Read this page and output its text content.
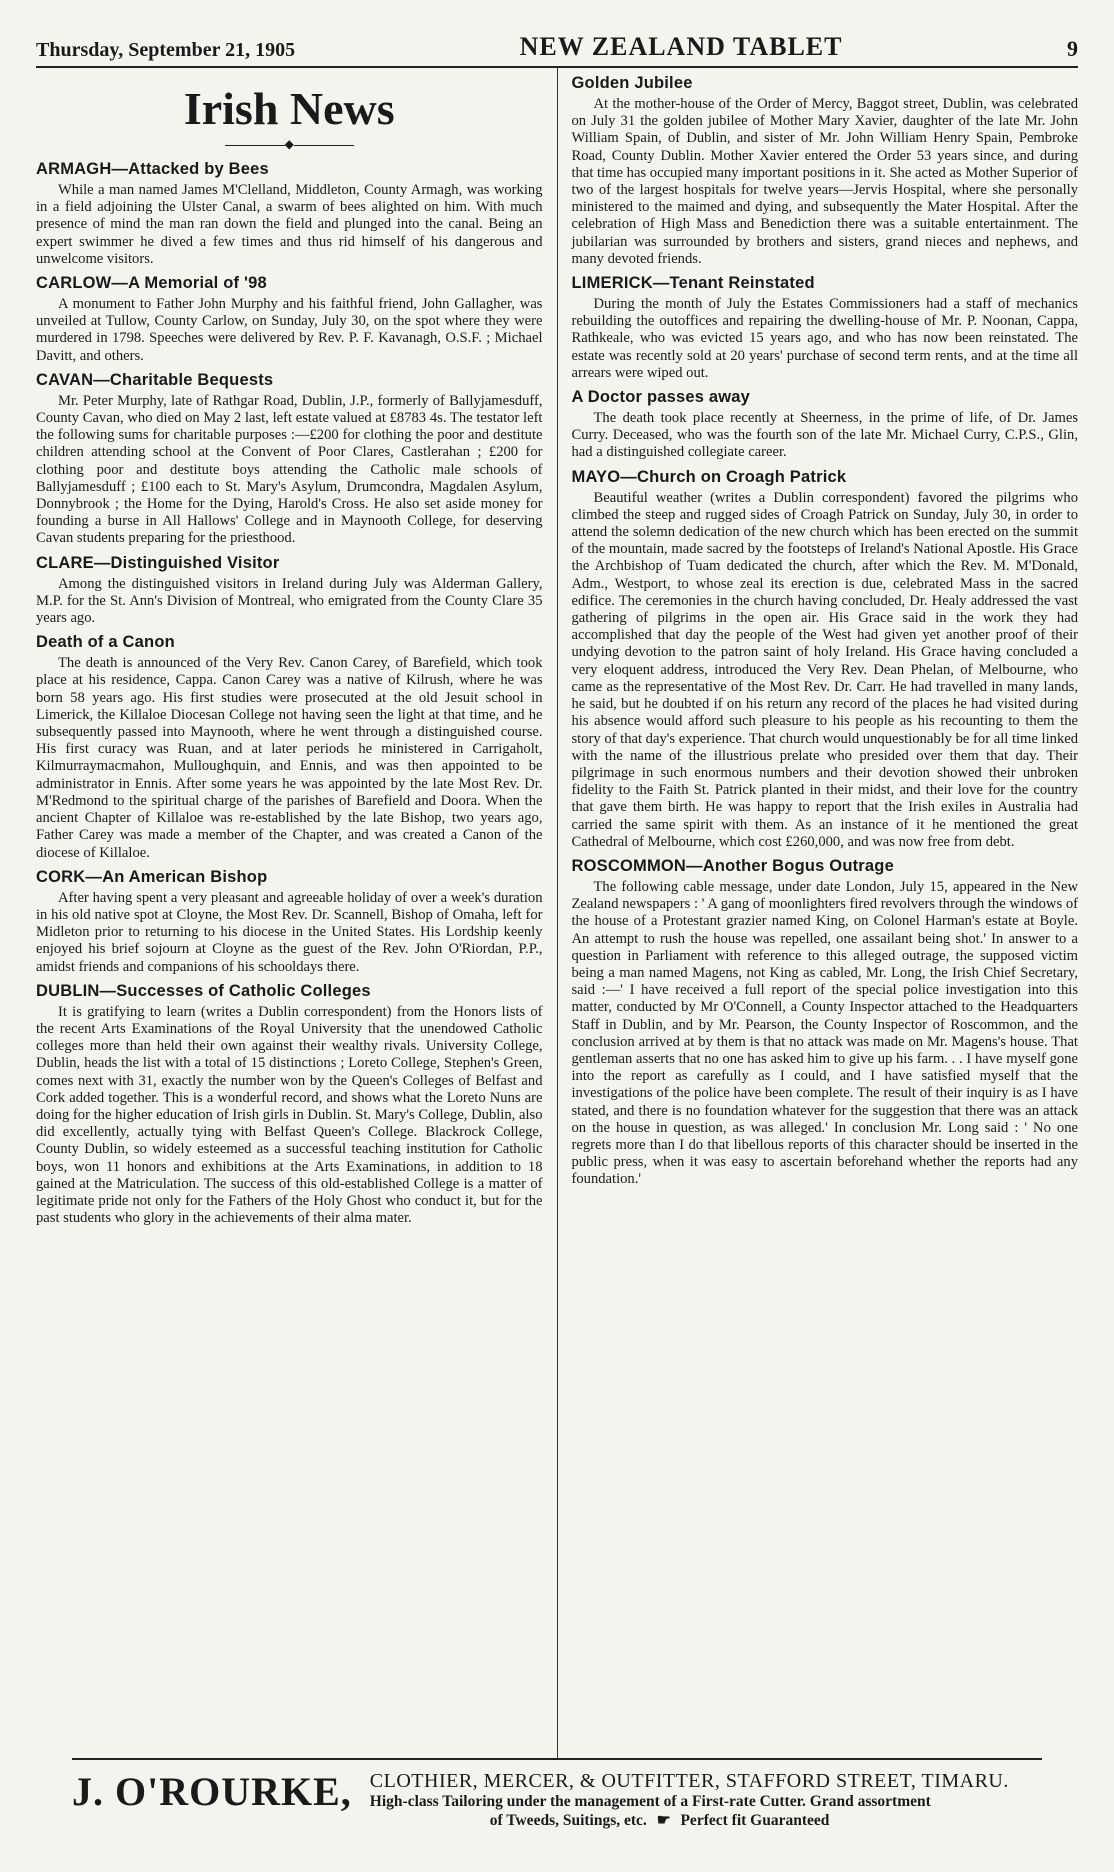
Thursday, September 21, 1905	NEW ZEALAND TABLET	9
Irish News
◆
ARMAGH—Attacked by Bees

While a man named James M'Clelland, Middleton, County Armagh, was working in a field adjoining the Ulster Canal, a swarm of bees alighted on him. With much presence of mind the man ran down the field and plunged into the canal. Being an expert swimmer he dived a few times and thus rid himself of his dangerous and unwelcome visitors.

CARLOW—A Memorial of '98

A monument to Father John Murphy and his faithful friend, John Gallagher, was unveiled at Tullow, County Carlow, on Sunday, July 30, on the spot where they were murdered in 1798. Speeches were delivered by Rev. P. F. Kavanagh, O.S.F. ; Michael Davitt, and others.

CAVAN—Charitable Bequests

Mr. Peter Murphy, late of Rathgar Road, Dublin, J.P., formerly of Ballyjamesduff, County Cavan, who died on May 2 last, left estate valued at £8783 4s. The testator left the following sums for charitable purposes :—£200 for clothing the poor and destitute children attending school at the Convent of Poor Clares, Castlerahan ; £200 for clothing poor and destitute boys attending the Catholic male schools of Ballyjamesduff ; £100 each to St. Mary's Asylum, Drumcondra, Magdalen Asylum, Donnybrook ; the Home for the Dying, Harold's Cross. He also set aside money for founding a burse in All Hallows' College and in Maynooth College, for deserving Cavan students preparing for the priesthood.

CLARE—Distinguished Visitor

Among the distinguished visitors in Ireland during July was Alderman Gallery, M.P. for the St. Ann's Division of Montreal, who emigrated from the County Clare 35 years ago.

Death of a Canon

The death is announced of the Very Rev. Canon Carey, of Barefield, which took place at his residence, Cappa. Canon Carey was a native of Kilrush, where he was born 58 years ago. His first studies were prosecuted at the old Jesuit school in Limerick, the Killaloe Diocesan College not having seen the light at that time, and he subsequently passed into Maynooth, where he went through a distinguished course. His first curacy was Ruan, and at later periods he ministered in Carrigaholt, Kilmurraymacmahon, Mulloughquin, and Ennis, and was then appointed to be administrator in Ennis. After some years he was appointed by the late Most Rev. Dr. M'Redmond to the spiritual charge of the parishes of Barefield and Doora. When the ancient Chapter of Killaloe was re-established by the late Bishop, two years ago, Father Carey was made a member of the Chapter, and was created a Canon of the diocese of Killaloe.

CORK—An American Bishop

After having spent a very pleasant and agreeable holiday of over a week's duration in his old native spot at Cloyne, the Most Rev. Dr. Scannell, Bishop of Omaha, left for Midleton prior to returning to his diocese in the United States. His Lordship keenly enjoyed his brief sojourn at Cloyne as the guest of the Rev. John O'Riordan, P.P., amidst friends and companions of his schooldays there.

DUBLIN—Successes of Catholic Colleges

It is gratifying to learn (writes a Dublin correspondent) from the Honors lists of the recent Arts Examinations of the Royal University that the unendowed Catholic colleges more than held their own against their wealthy rivals. University College, Dublin, heads the list with a total of 15 distinctions ; Loreto College, Stephen's Green, comes next with 31, exactly the number won by the Queen's Colleges of Belfast and Cork added together. This is a wonderful record, and shows what the Loreto Nuns are doing for the higher education of Irish girls in Dublin. St. Mary's College, Dublin, also did excellently, actually tying with Belfast Queen's College. Blackrock College, County Dublin, so widely esteemed as a successful teaching institution for Catholic boys, won 11 honors and exhibitions at the Arts Examinations, in addition to 18 gained at the Matriculation. The success of this old-established College is a matter of legitimate pride not only for the Fathers of the Holy Ghost who conduct it, but for the past students who glory in the achievements of their alma mater.

Golden Jubilee

At the mother-house of the Order of Mercy, Baggot street, Dublin, was celebrated on July 31 the golden jubilee of Mother Mary Xavier, daughter of the late Mr. John William Spain, of Dublin, and sister of Mr. John William Henry Spain, Pembroke Road, County Dublin. Mother Xavier entered the Order 53 years since, and during that time has occupied many important positions in it. She acted as Mother Superior of two of the largest hospitals for twelve years—Jervis Hospital, where she personally ministered to the maimed and dying, and subsequently the Mater Hospital. After the celebration of High Mass and Benediction there was a suitable entertainment. The jubilarian was surrounded by brothers and sisters, grand nieces and nephews, and many devoted friends.

LIMERICK—Tenant Reinstated

During the month of July the Estates Commissioners had a staff of mechanics rebuilding the outoffices and repairing the dwelling-house of Mr. P. Noonan, Cappa, Rathkeale, who was evicted 15 years ago, and who has now been reinstated. The estate was recently sold at 20 years' purchase of second term rents, and at the time all arrears were wiped out.

A Doctor passes away

The death took place recently at Sheerness, in the prime of life, of Dr. James Curry. Deceased, who was the fourth son of the late Mr. Michael Curry, C.P.S., Glin, had a distinguished collegiate career.

MAYO—Church on Croagh Patrick

Beautiful weather (writes a Dublin correspondent) favored the pilgrims who climbed the steep and rugged sides of Croagh Patrick on Sunday, July 30, in order to attend the solemn dedication of the new church which has been erected on the summit of the mountain, made sacred by the footsteps of Ireland's National Apostle. His Grace the Archbishop of Tuam dedicated the church, after which the Rev. M. M'Donald, Adm., Westport, to whose zeal its erection is due, celebrated Mass in the sacred edifice. The ceremonies in the church having concluded, Dr. Healy addressed the vast gathering of pilgrims in the open air. His Grace said in the work they had accomplished that day the people of the West had given yet another proof of their undying devotion to the patron saint of holy Ireland. His Grace having concluded a very eloquent address, introduced the Very Rev. Dean Phelan, of Melbourne, who came as the representative of the Most Rev. Dr. Carr. He had travelled in many lands, he said, but he doubted if on his return any record of the places he had visited during his absence would afford such pleasure to his people as his recounting to them the story of that day's experience. That church would unquestionably be for all time linked with the name of the illustrious prelate who presided over them that day. Their pilgrimage in such enormous numbers and their devotion showed their unbroken fidelity to the Faith St. Patrick planted in their midst, and their love for the country that gave them birth. He was happy to report that the Irish exiles in Australia had carried the same spirit with them. As an instance of it he mentioned the great Cathedral of Melbourne, which cost £260,000, and was now free from debt.

ROSCOMMON—Another Bogus Outrage

The following cable message, under date London, July 15, appeared in the New Zealand newspapers : ' A gang of moonlighters fired revolvers through the windows of the house of a Protestant grazier named King, on Colonel Harman's estate at Boyle. An attempt to rush the house was repelled, one assailant being shot.' In answer to a question in Parliament with reference to this alleged outrage, the supposed victim being a man named Magens, not King as cabled, Mr. Long, the Irish Chief Secretary, said :—' I have received a full report of the special police investigation into this matter, conducted by Mr O'Connell, a County Inspector attached to the Headquarters Staff in Dublin, and by Mr. Pearson, the County Inspector of Roscommon, and the conclusion arrived at by them is that no attack was made on Mr. Magens's house. That gentleman asserts that no one has asked him to give up his farm. . . I have myself gone into the report as carefully as I could, and I have satisfied myself that the investigations of the police have been complete. The result of their inquiry is as I have stated, and there is no foundation whatever for the suggestion that there was an attack on the house in question, as was alleged.' In conclusion Mr. Long said : ' No one regrets more than I do that libellous reports of this character should be inserted in the public press, when it was easy to ascertain beforehand whether the reports had any foundation.'

J. O'ROURKE, CLOTHIER, MERCER, & OUTFITTER, STAFFORD STREET, TIMARU.
High-class Tailoring under the management of a First-rate Cutter. Grand assortment
of Tweeds, Suitings, etc. ☛ Perfect fit Guaranteed
